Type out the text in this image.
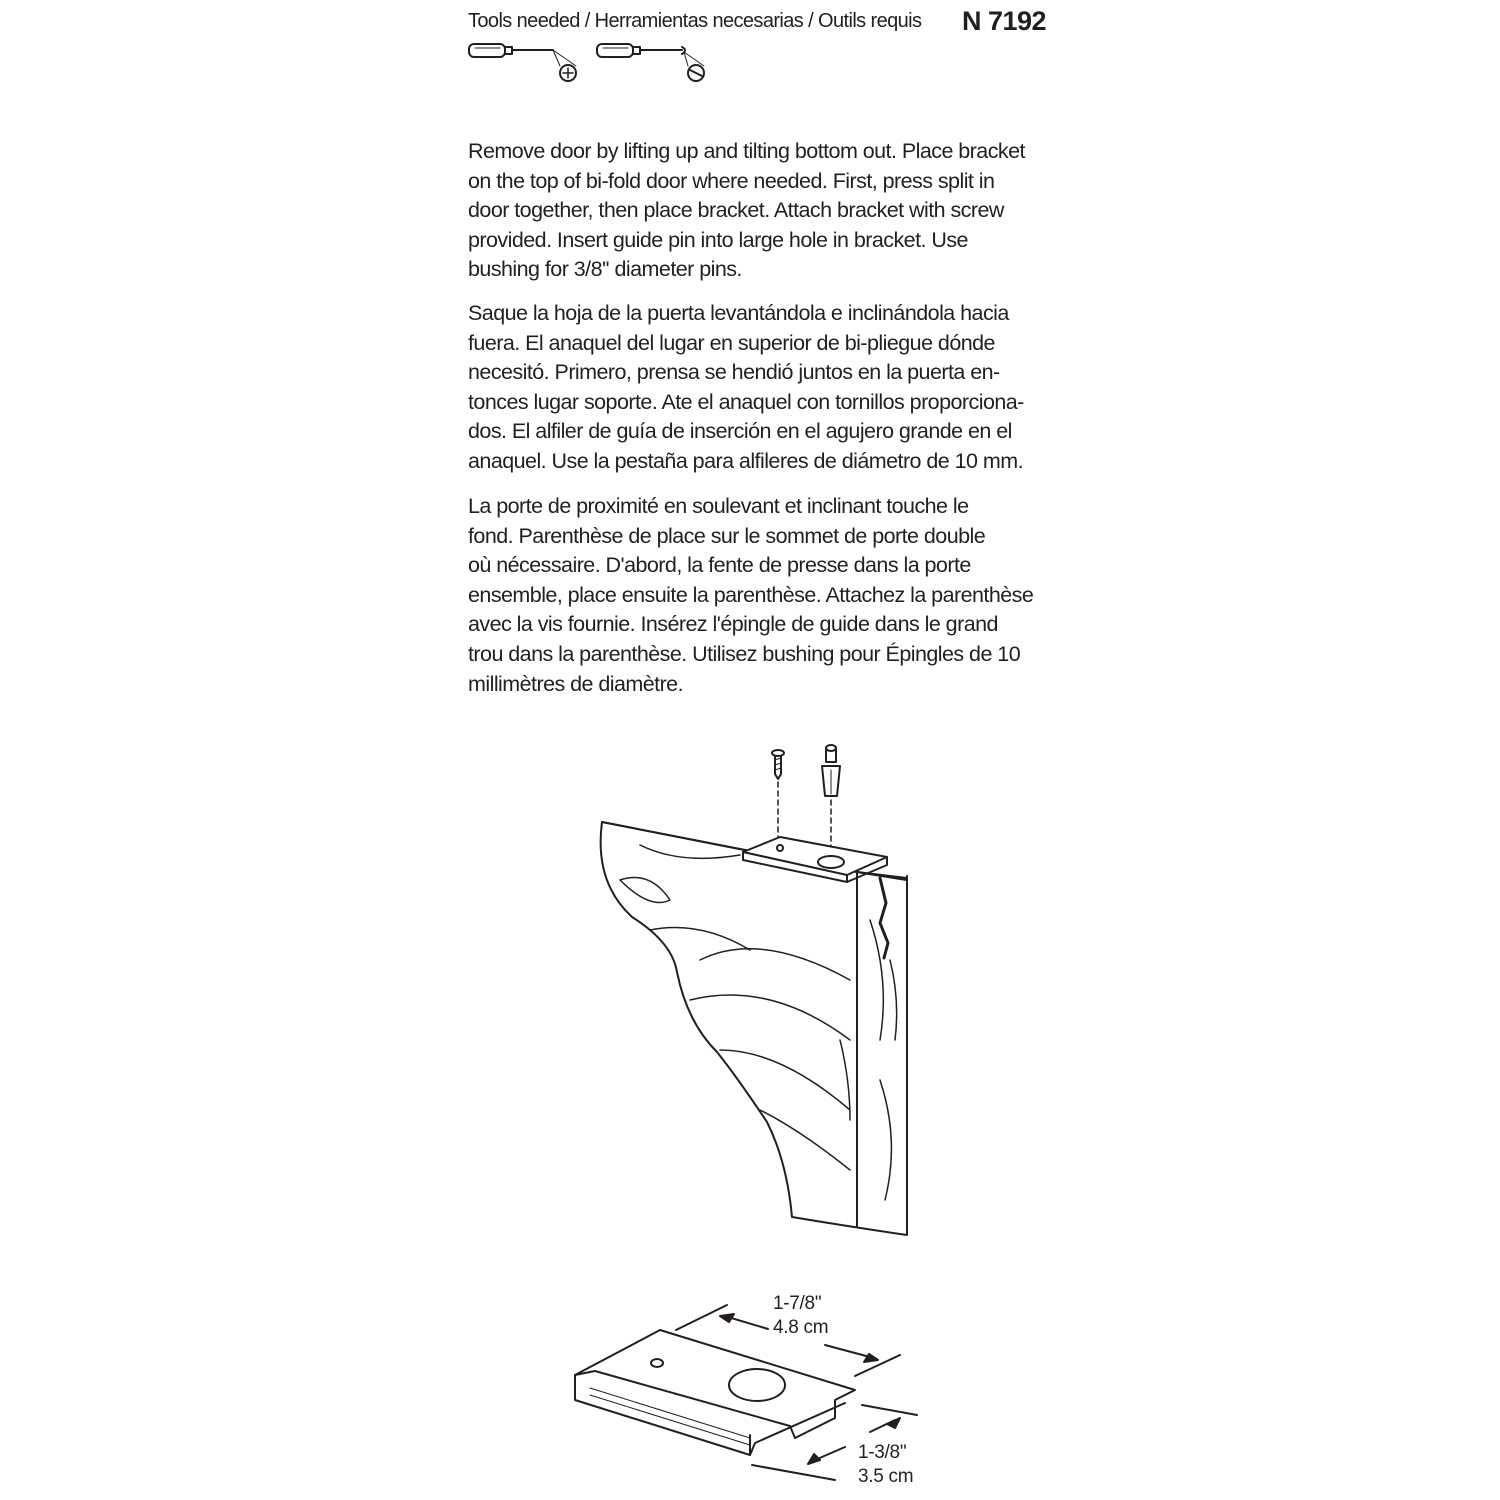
Tools needed / Herramientas necesarias / Outils requis N 7192
Remove door by lifting up and tilting bottom out. Place bracket
on the top of bi-fold door where needed. First, press split in
door together, then place bracket. Attach bracket with screw
provided. Insert guide pin into large hole in bracket. Use
bushing for 3/8'' diameter pins.
Saque la hoja de la puerta levantándola e inclinándola hacia
fuera. El anaquel del lugar en superior de bi-pliegue dónde
necesitó. Primero, prensa se hendió juntos en la puerta en-
tonces lugar soporte. Ate el anaquel con tornillos proporciona-
dos. El alfiler de guía de inserción en el agujero grande en el
anaquel. Use la pestaña para alfileres de diámetro de 10 mm.
La porte de proximité en soulevant et inclinant touche le
fond. Parenthèse de place sur le sommet de porte double
où nécessaire. D'abord, la fente de presse dans la porte
ensemble, place ensuite la parenthèse. Attachez la parenthèse
avec la vis fournie. Insérez l'épingle de guide dans le grand
trou dans la parenthèse. Utilisez bushing pour Épingles de 10
millimètres de diamètre.
1-7/8''
4.8 cm
1-3/8''
3.5 cm
